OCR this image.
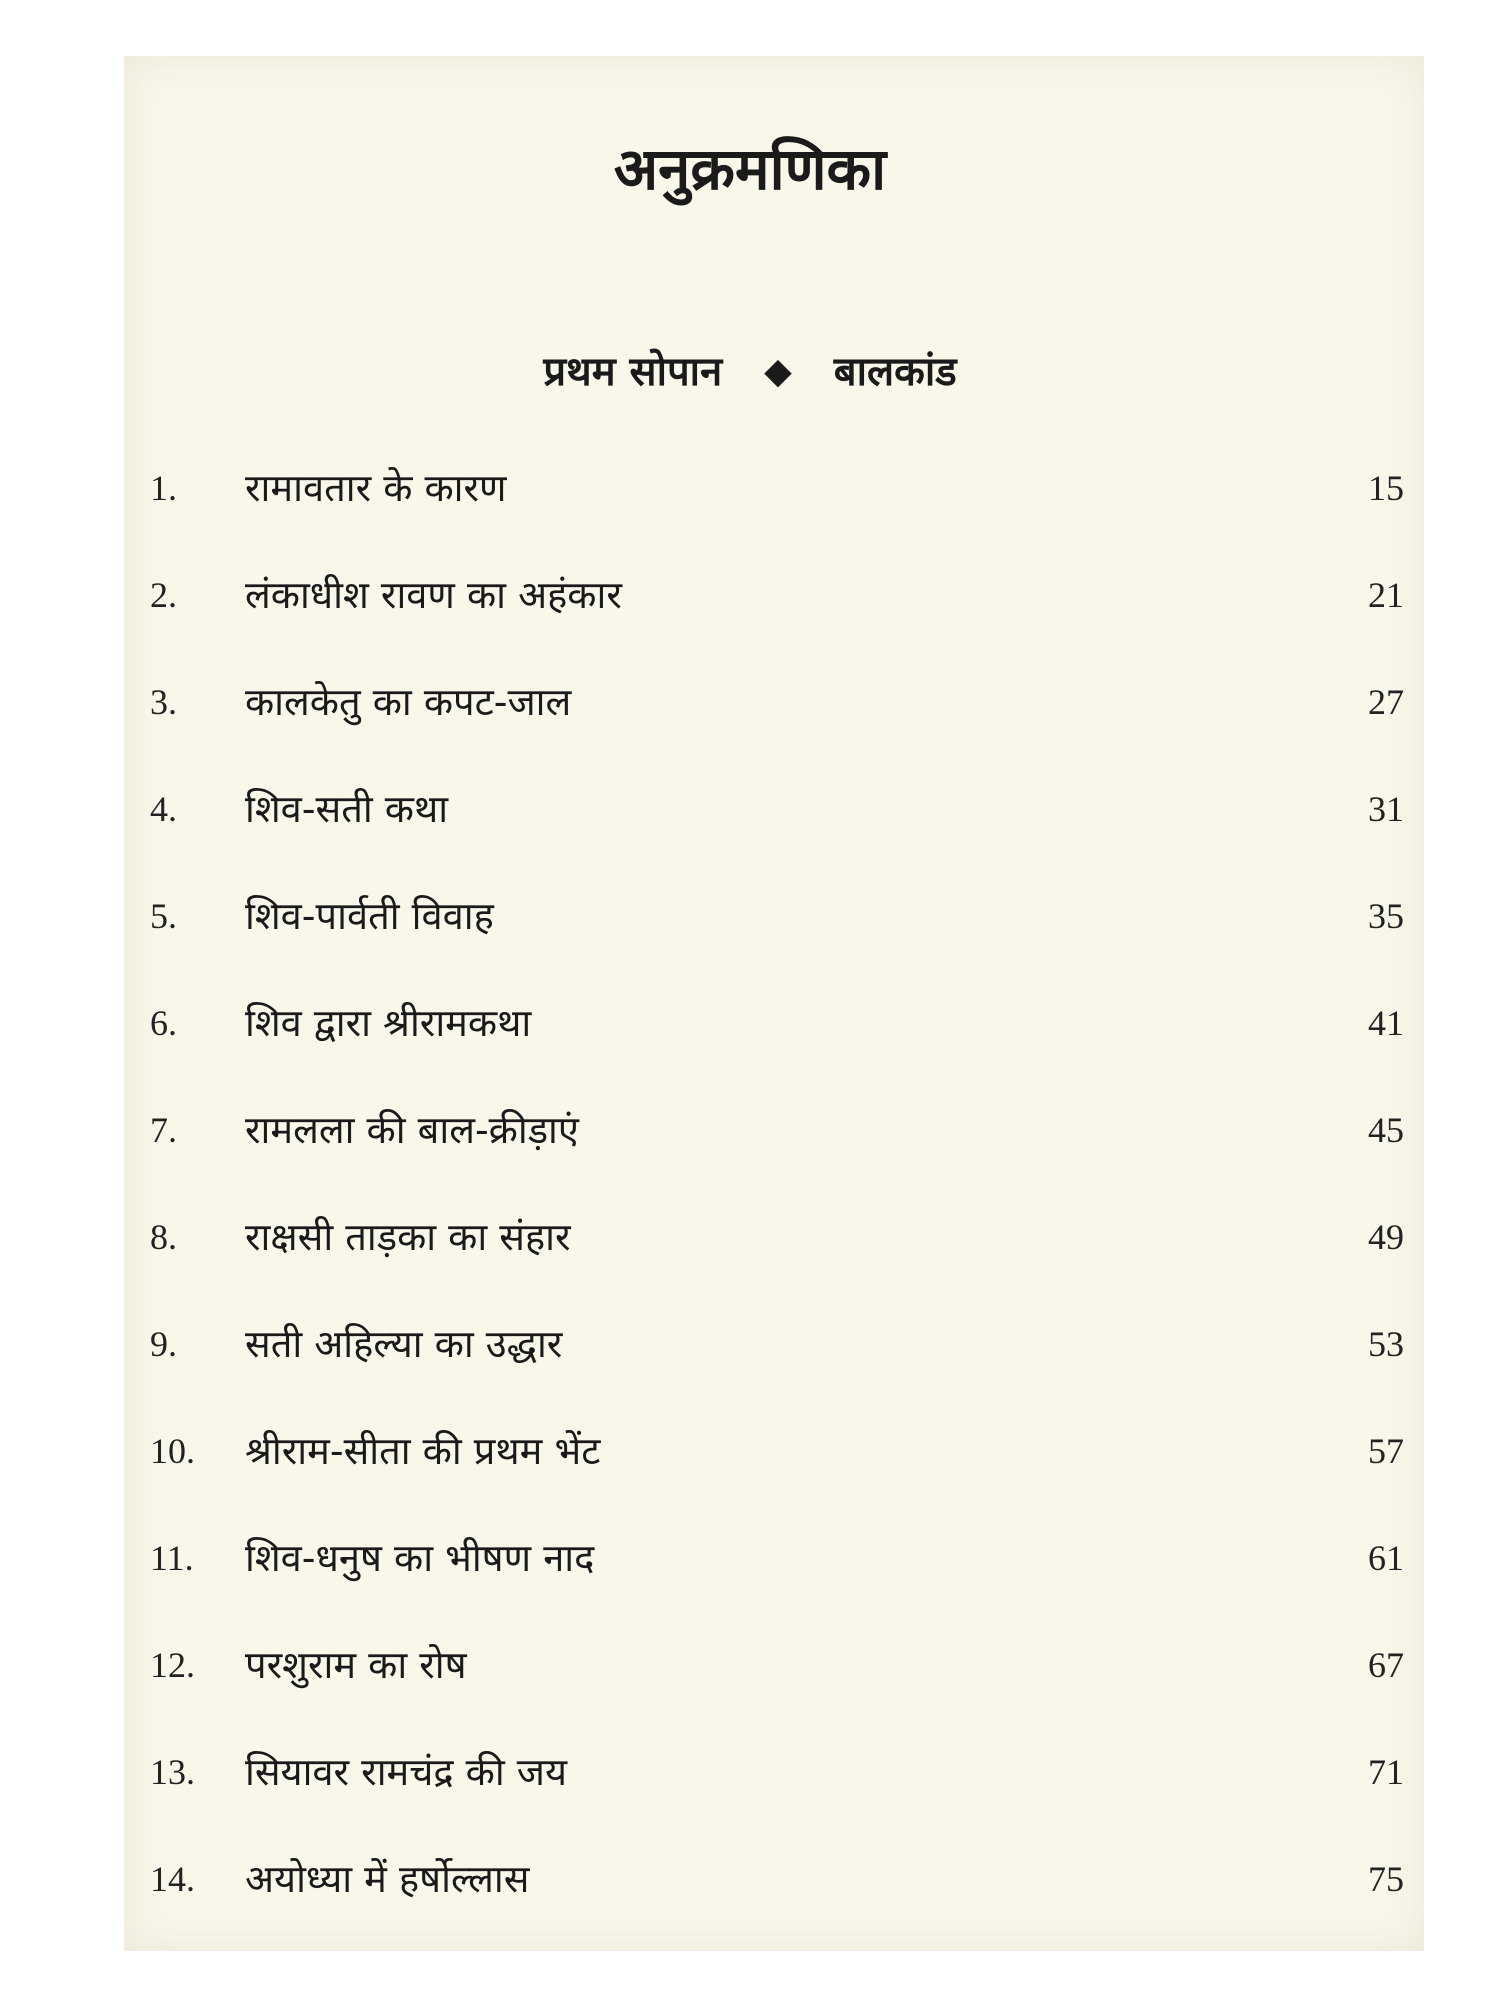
अनुक्रमणिका
प्रथम सोपान ◆ बालकांड
1. रामावतार के कारण	15
2. लंकाधीश रावण का अहंकार	21
3. कालकेतु का कपट-जाल	27
4. शिव-सती कथा	31
5. शिव-पार्वती विवाह	35
6. शिव द्वारा श्रीरामकथा	41
7. रामलला की बाल-क्रीड़ाएं	45
8. राक्षसी ताड़का का संहार	49
9. सती अहिल्या का उद्धार	53
10. श्रीराम-सीता की प्रथम भेंट	57
11. शिव-धनुष का भीषण नाद	61
12. परशुराम का रोष	67
13. सियावर रामचंद्र की जय	71
14. अयोध्या में हर्षोल्लास	75
